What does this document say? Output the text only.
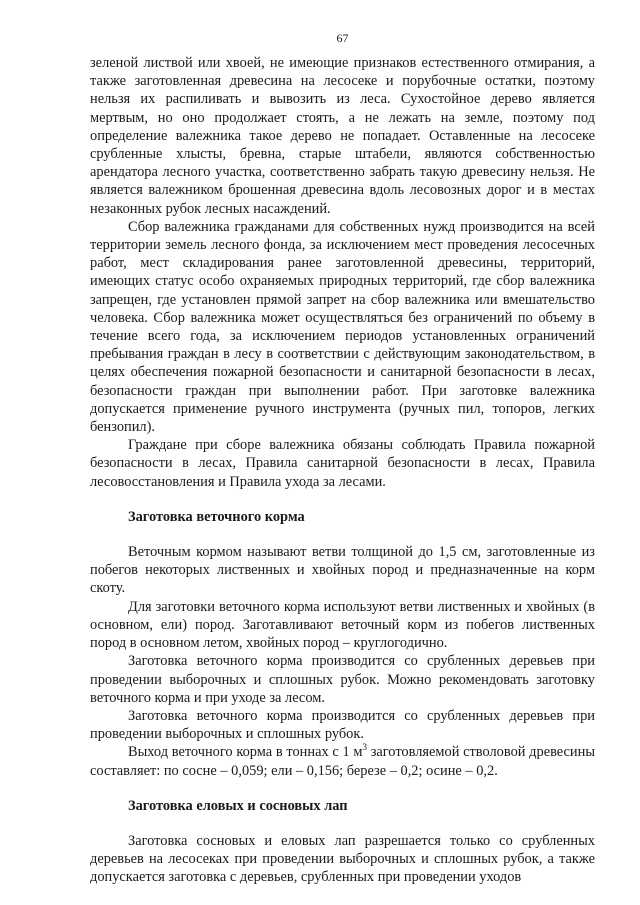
67

зеленой листвой или хвоей, не имеющие признаков естественного отмирания, а также заготовленная древесина на лесосеке и порубочные остатки, поэтому нельзя их распиливать и вывозить из леса. Сухостойное дерево является мертвым, но оно продолжает стоять, а не лежать на земле, поэтому под определение валежника такое дерево не попадает. Оставленные на лесосеке срубленные хлысты, бревна, старые штабели, являются собственностью арендатора лесного участка, соответственно забрать такую древесину нельзя. Не является валежником брошенная древесина вдоль лесовозных дорог и в местах незаконных рубок лесных насаждений.

Сбор валежника гражданами для собственных нужд производится на всей территории земель лесного фонда, за исключением мест проведения лесосечных работ, мест складирования ранее заготовленной древесины, территорий, имеющих статус особо охраняемых природных территорий, где сбор валежника запрещен, где установлен прямой запрет на сбор валежника или вмешательство человека. Сбор валежника может осуществляться без ограничений по объему в течение всего года, за исключением периодов установленных ограничений пребывания граждан в лесу в соответствии с действующим законодательством, в целях обеспечения пожарной безопасности и санитарной безопасности в лесах, безопасности граждан при выполнении работ. При заготовке валежника допускается применение ручного инструмента (ручных пил, топоров, легких бензопил).

Граждане при сборе валежника обязаны соблюдать Правила пожарной безопасности в лесах, Правила санитарной безопасности в лесах, Правила лесовосстановления и Правила ухода за лесами.

Заготовка веточного корма

Веточным кормом называют ветви толщиной до 1,5 см, заготовленные из побегов некоторых лиственных и хвойных пород и предназначенные на корм скоту.

Для заготовки веточного корма используют ветви лиственных и хвойных (в основном, ели) пород. Заготавливают веточный корм из побегов лиственных пород в основном летом, хвойных пород – круглогодично.

Заготовка веточного корма производится со срубленных деревьев при проведении выборочных и сплошных рубок. Можно рекомендовать заготовку веточного корма и при уходе за лесом.

Заготовка веточного корма производится со срубленных деревьев при проведении выборочных и сплошных рубок.

Выход веточного корма в тоннах с 1 $м^3$ заготовляемой стволовой древесины составляет: по сосне – 0,059; ели – 0,156; березе – 0,2; осине – 0,2.

Заготовка еловых и сосновых лап

Заготовка сосновых и еловых лап разрешается только со срубленных деревьев на лесосеках при проведении выборочных и сплошных рубок, а также допускается заготовка с деревьев, срубленных при проведении уходов
